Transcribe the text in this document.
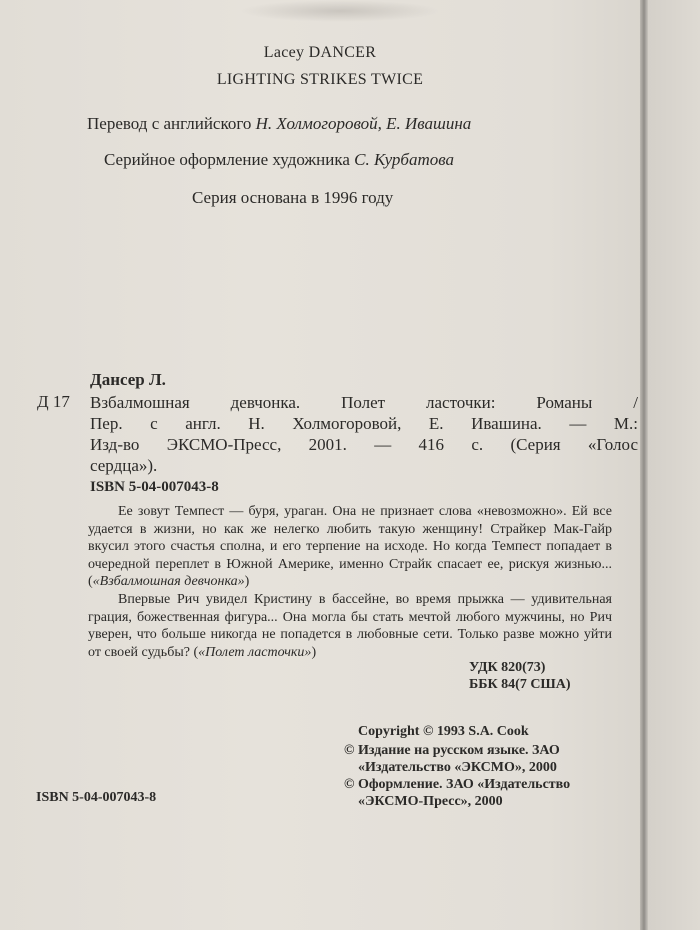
Lacey DANCER
LIGHTING STRIKES TWICE
Перевод с английского Н. Холмогоровой, Е. Ивашина
Серийное оформление художника С. Курбатова
Серия основана в 1996 году
Дансер Л.
Д 17 Взбалмошная девчонка. Полет ласточки: Романы /

Пер. с англ. Н. Холмогоровой, Е. Ивашина. — М.:

Изд-во ЭКСМО-Пресс, 2001. — 416 с. (Серия «Голос

сердца»).

ISBN 5-04-007043-8

Ее зовут Темпест — буря, ураган. Она не признает слова «невозможно». Ей все удается в жизни, но как же нелегко любить такую женщину! Страйкер Мак-Гайр вкусил этого счастья сполна, и его терпение на исходе. Но когда Темпест попадает в очередной переплет в Южной Америке, именно Страйк спасает ее, рискуя жизнью... («Взбалмошная девчонка»)

Впервые Рич увидел Кристину в бассейне, во время прыжка — удивительная грация, божественная фигура... Она могла бы стать мечтой любого мужчины, но Рич уверен, что больше никогда не попадется в любовные сети. Только разве можно уйти от своей судьбы? («Полет ласточки»)

УДК 820(73)
ББК 84(7 США)
Copyright © 1993 S.A. Cook
© Издание на русском языке. ЗАО
«Издательство «ЭКСМО», 2000
© Оформление. ЗАО «Издательство
«ЭКСМО-Пресс», 2000
ISBN 5-04-007043-8
